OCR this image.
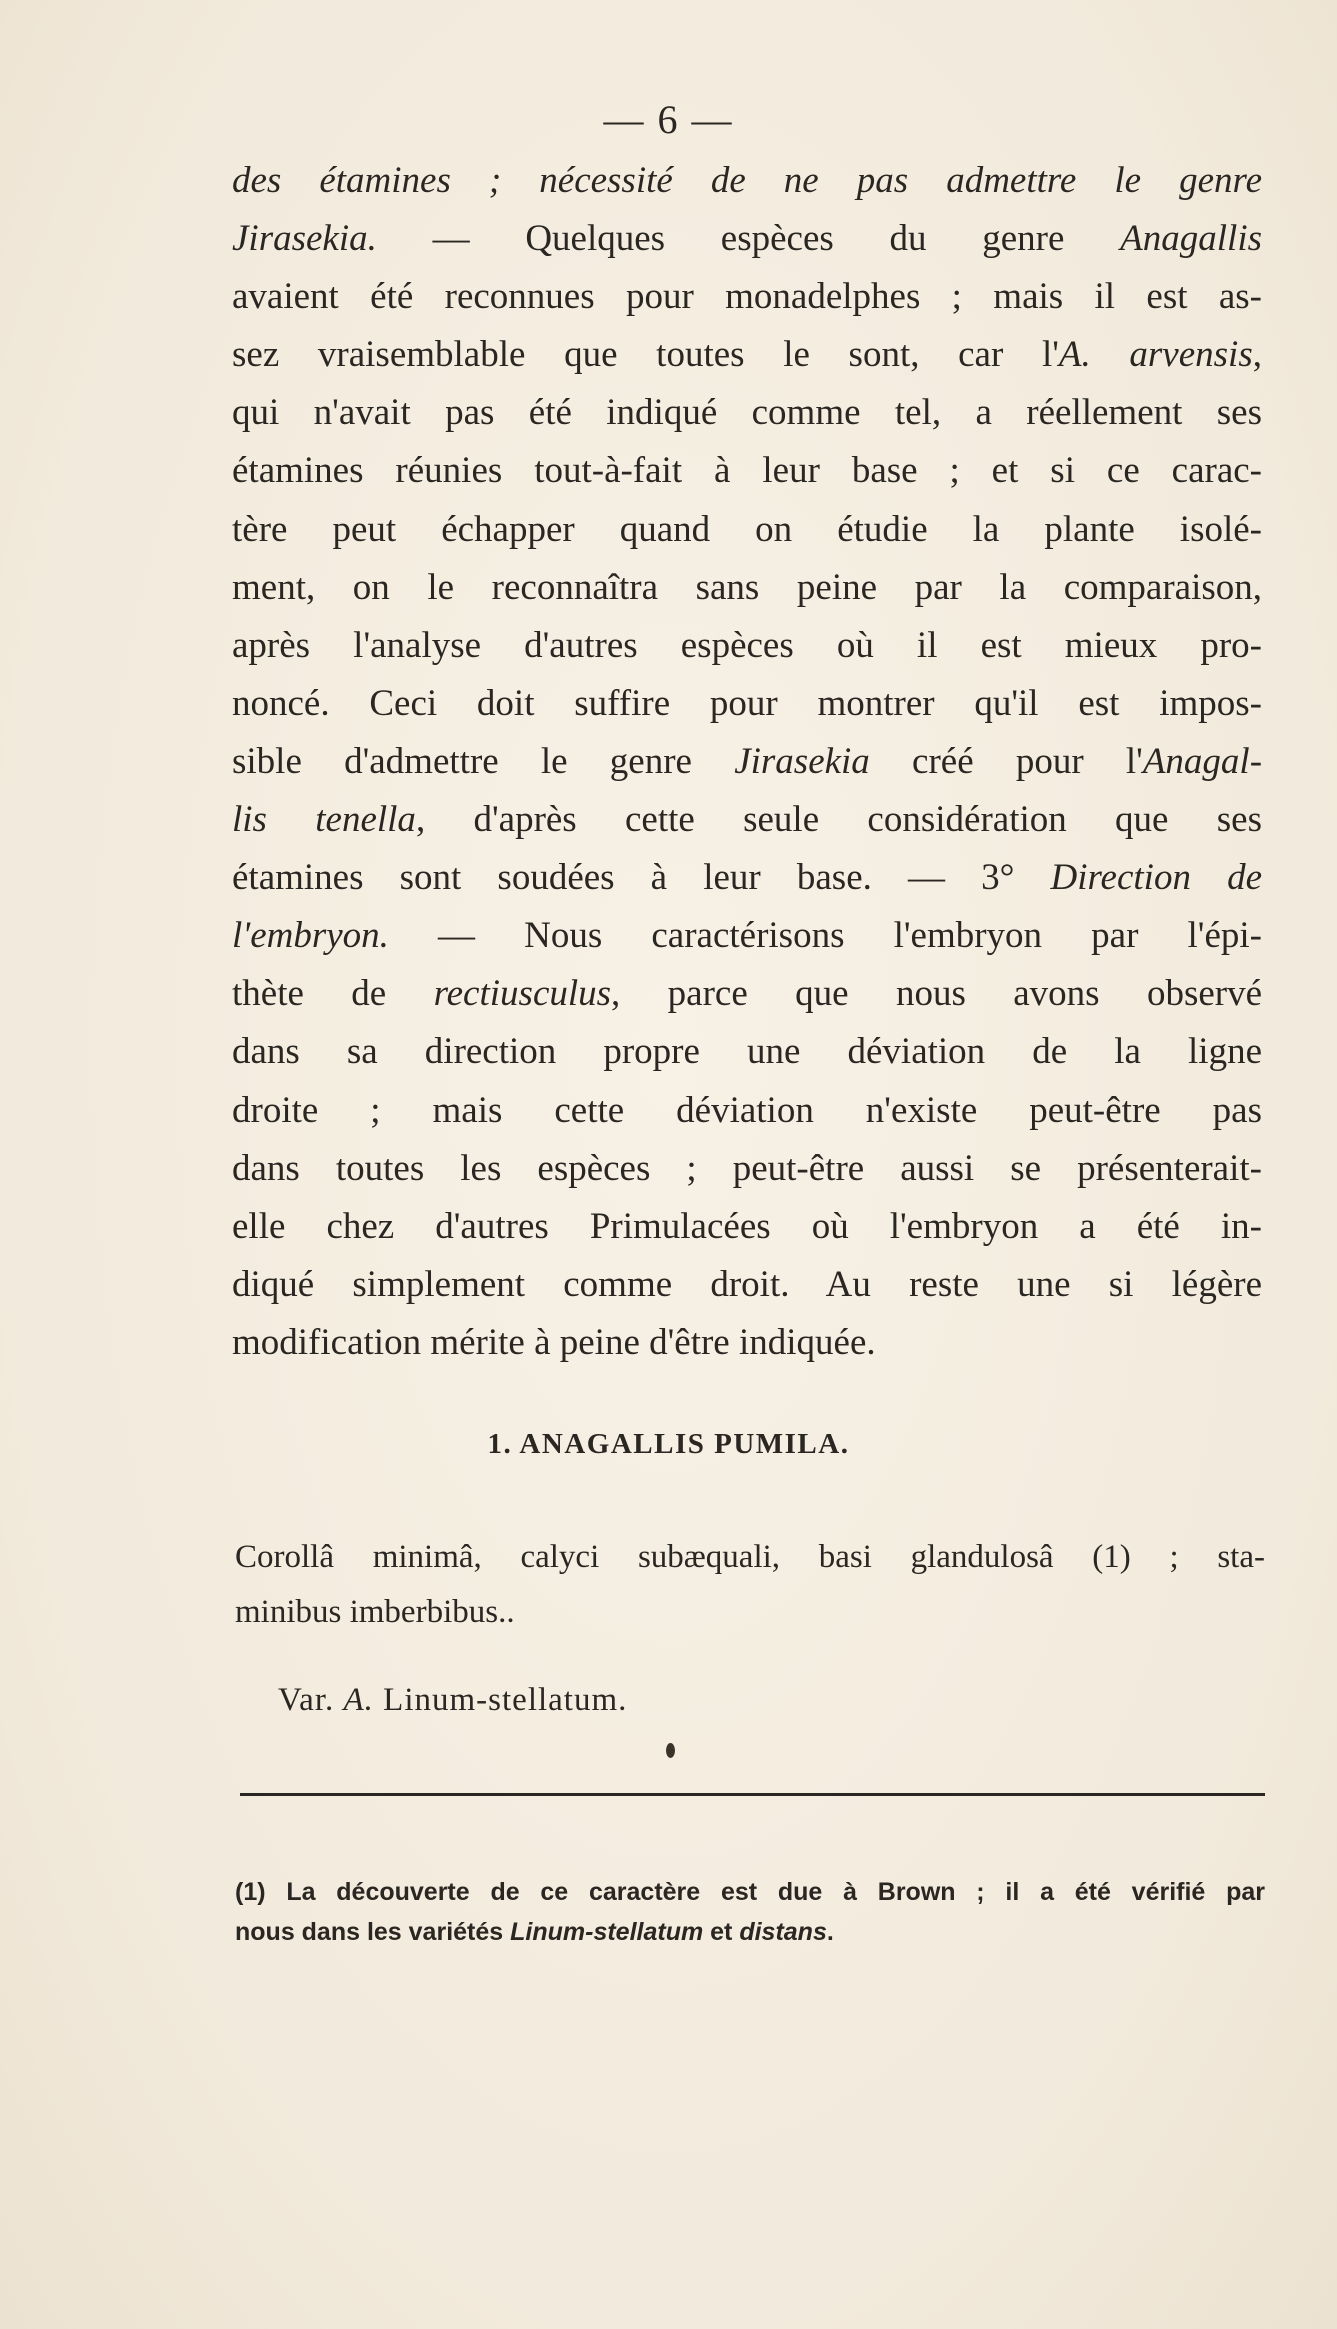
— 6 —
des étamines ; nécessité de ne pas admettre le genre
Jirasekia. — Quelques espèces du genre Anagallis
avaient été reconnues pour monadelphes ; mais il est as-
sez vraisemblable que toutes le sont, car l'A. arvensis,
qui n'avait pas été indiqué comme tel, a réellement ses
étamines réunies tout-à-fait à leur base ; et si ce carac-
tère peut échapper quand on étudie la plante isolé-
ment, on le reconnaîtra sans peine par la comparaison,
après l'analyse d'autres espèces où il est mieux pro-
noncé. Ceci doit suffire pour montrer qu'il est impos-
sible d'admettre le genre Jirasekia créé pour l'Anagal-
lis tenella, d'après cette seule considération que ses
étamines sont soudées à leur base. — 3° Direction de
l'embryon. — Nous caractérisons l'embryon par l'épi-
thète de rectiusculus, parce que nous avons observé
dans sa direction propre une déviation de la ligne
droite ; mais cette déviation n'existe peut-être pas
dans toutes les espèces ; peut-être aussi se présenterait-
elle chez d'autres Primulacées où l'embryon a été in-
diqué simplement comme droit. Au reste une si légère
modification mérite à peine d'être indiquée.
1. ANAGALLIS PUMILA.
Corollâ minimâ, calyci subæquali, basi glandulosâ (1) ; sta-
minibus imberbibus..
Var. A. Linum-stellatum.
(1) La découverte de ce caractère est due à Brown ; il a été vérifié par
nous dans les variétés Linum-stellatum et distans.
